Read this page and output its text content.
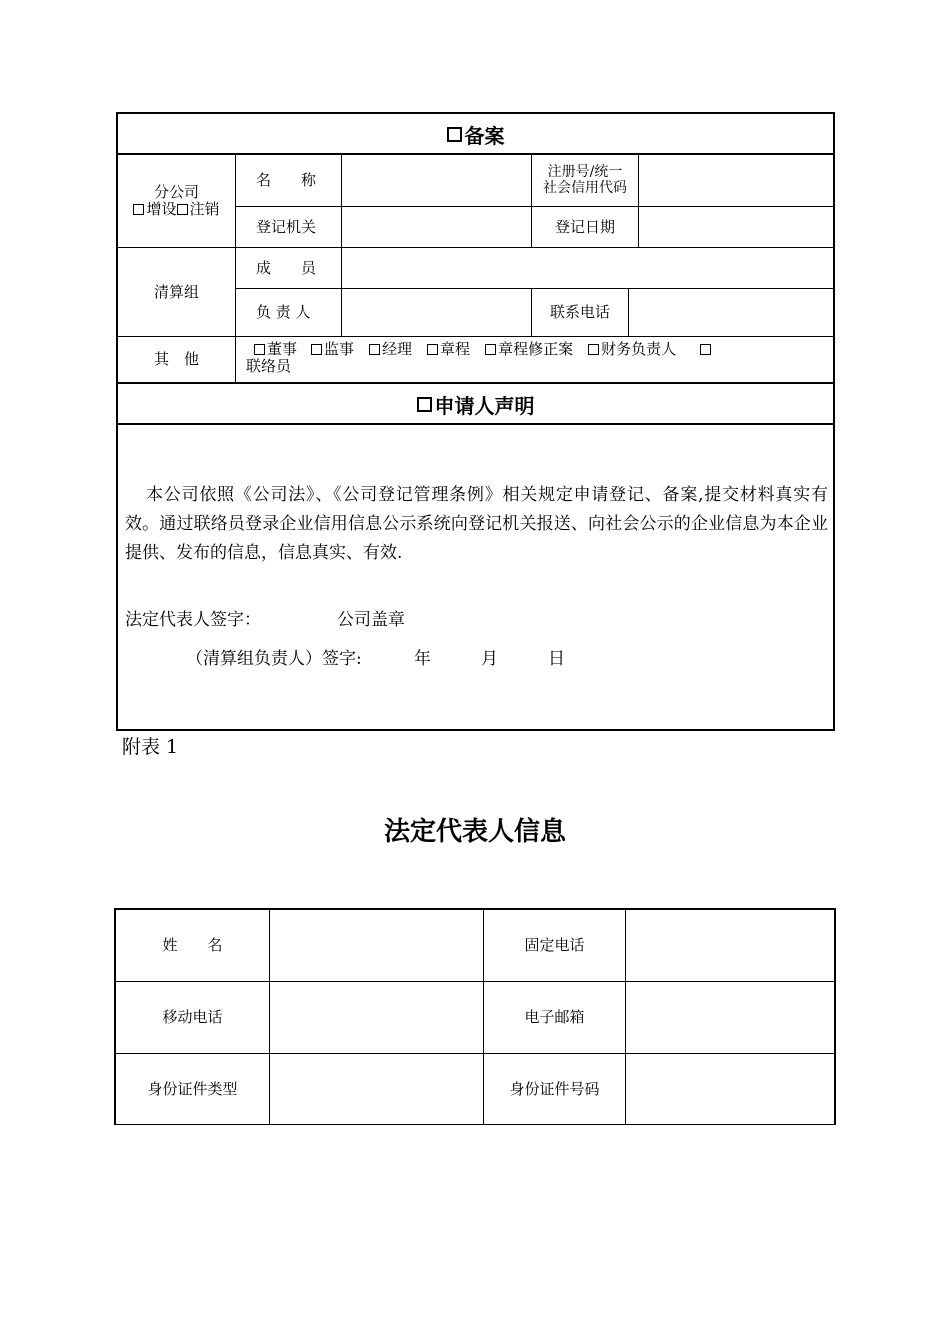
备案
分公司
增设 注销
名　　称	注册号/统一社会信用代码
登记机关	登记日期
清算组
成　　员
负 责 人	联系电话
其　他
董事 监事 经理 章程 章程修正案 财务负责人
联络员
申请人声明
本公司依照《公司法》、《公司登记管理条例》相关规定申请登记、备案,提交材料真实有效。通过联络员登录企业信用信息公示系统向登记机关报送、向社会公示的企业信息为本企业提供、发布的信息，信息真实、有效.
法定代表人签字：	公司盖章
（清算组负责人）签字:	年	月	日
附表 1
法定代表人信息
姓　　名	固定电话
移动电话	电子邮箱
身份证件类型	身份证件号码
